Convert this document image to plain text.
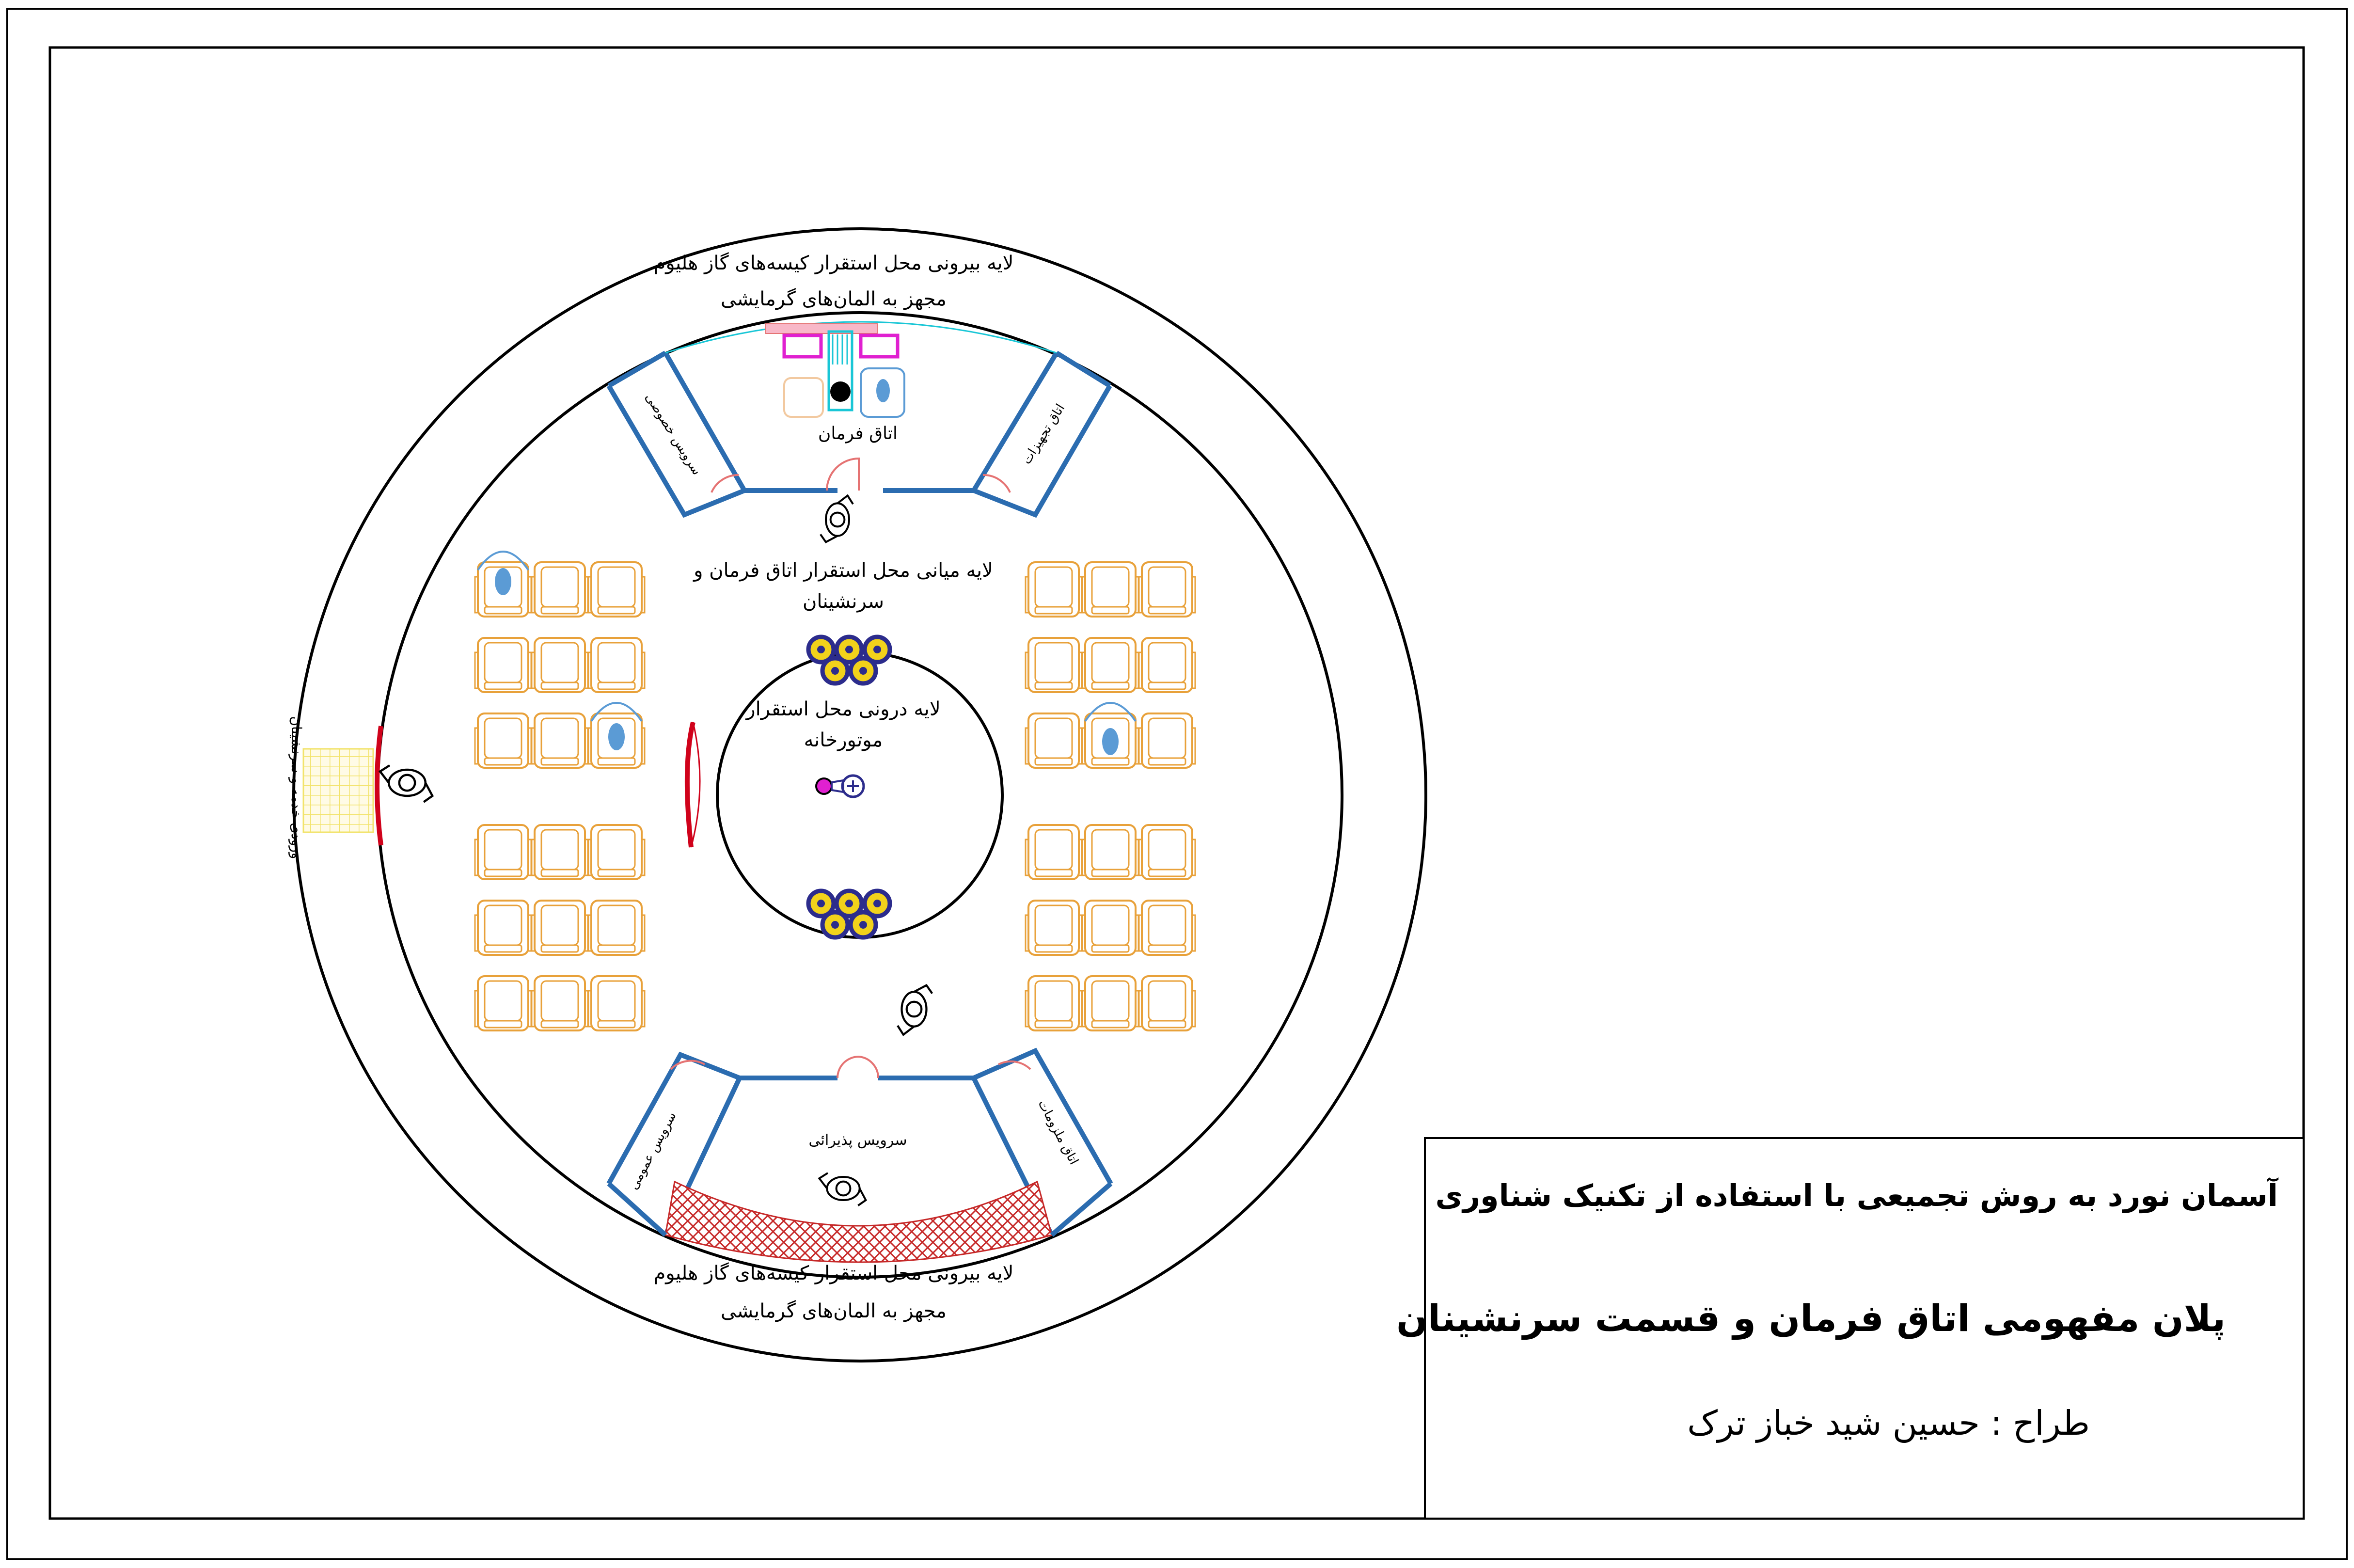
اتاق فرمان
سرویس خصوصی	اتاق تجهیزات
سرویس پذیرائی
سرویس عمومی	اتاق ملزومات
ورودی خدمه و سرنشینان
لایه بیرونی محل استقرار کیسه‌های گاز هلیوم
مجهز به المان‌های گرمایشی
لایه میانی محل استقرار اتاق فرمان و
سرنشینان
لایه درونی محل استقرار
موتورخانه
لایه بیرونی محل استقرار کیسه‌های گاز هلیوم
مجهز به المان‌های گرمایشی
آسمان نورد به روش تجمیعی با استفاده از تکنیک شناوری
پلان مفهومی اتاق فرمان و قسمت سرنشینان
طراح : حسین شید خباز ترک
